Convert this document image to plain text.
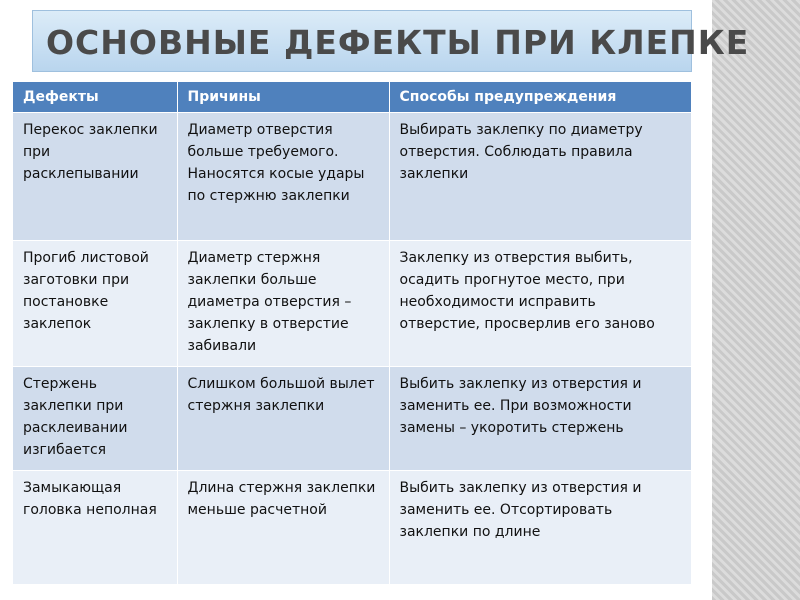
ОСНОВНЫЕ ДЕФЕКТЫ ПРИ КЛЕПКЕ
Дефекты	Причины	Способы предупреждения

Перекос заклепки при расклепывании	Диаметр отверстия больше требуемого. Наносятся косые удары по стержню заклепки	Выбирать заклепку по диаметру отверстия. Соблюдать правила заклепки

Прогиб листовой заготовки при постановке заклепок	Диаметр стержня заклепки больше диаметра отверстия – заклепку в отверстие забивали	Заклепку из отверстия выбить, осадить прогнутое место, при необходимости исправить отверстие, просверлив его заново

Стержень заклепки при расклеивании изгибается	Слишком большой вылет стержня заклепки	Выбить заклепку из отверстия и заменить ее. При возможности замены – укоротить стержень

Замыкающая головка неполная	Длина стержня заклепки меньше расчетной	Выбить заклепку из отверстия и заменить ее. Отсортировать заклепки по длине
